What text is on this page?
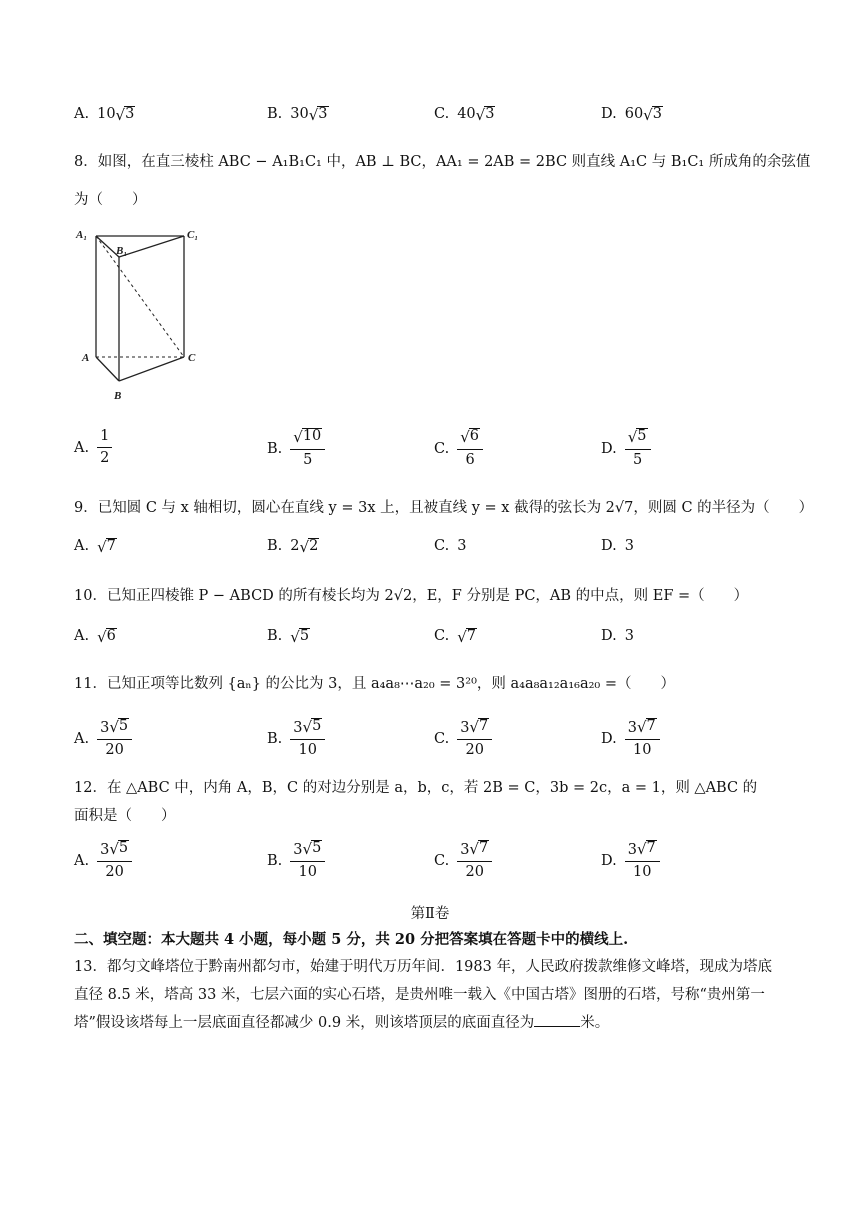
A. 10 √ 3	B. 30 √ 3	C. 40 √ 3	D. 60 √ 3
8．如图，在直三棱柱 ABC − A₁B₁C₁ 中，AB ⊥ BC，AA₁ = 2AB = 2BC 则直线 A₁C 与 B₁C₁ 所成角的余弦值
为（　　）
A₁
B₁
C₁
A	C
B
A. $\frac{1}{2}$	B. $\frac{√ 10}{5}$	C. $\frac{√ 6}{6}$	D. $\frac{√ 5}{5}$
9．已知圆 C 与 x 轴相切，圆心在直线 y = 3x 上，且被直线 y = x 截得的弦长为 2√7，则圆 C 的半径为（　　）
A. √ 7	B. 2 √ 2	C. 3	D. 3
10．已知正四棱锥 P − ABCD 的所有棱长均为 2√2，E，F 分别是 PC，AB 的中点，则 EF =（　　）
A. √ 6	B. √ 5	C. √ 7	D. 3
11．已知正项等比数列 {aₙ} 的公比为 3，且 a₄a₈⋯a₂₀ = 3²⁰，则 a₄a₈a₁₂a₁₆a₂₀ =（　　）
A. $\frac{3 √ 5}{20}$	B. $\frac{3 √ 5}{10}$	C. $\frac{3 √ 7}{20}$	D. $\frac{3 √ 7}{10}$
12．在 △ABC 中，内角 A，B，C 的对边分别是 a，b，c，若 2B = C，3b = 2c，a = 1，则 △ABC 的
面积是（　　）
A. $\frac{3 √ 5}{20}$	B. $\frac{3 √ 5}{10}$	C. $\frac{3 √ 7}{20}$	D. $\frac{3 √ 7}{10}$
第Ⅱ卷
二、填空题：本大题共 4 小题，每小题 5 分，共 20 分把答案填在答题卡中的横线上.
13．都匀文峰塔位于黔南州都匀市，始建于明代万历年间．1983 年，人民政府拨款维修文峰塔，现成为塔底
直径 8.5 米，塔高 33 米，七层六面的实心石塔，是贵州唯一载入《中国古塔》图册的石塔，号称“贵州第一
塔”假设该塔每上一层底面直径都减少 0.9 米，则该塔顶层的底面直径为	米。
